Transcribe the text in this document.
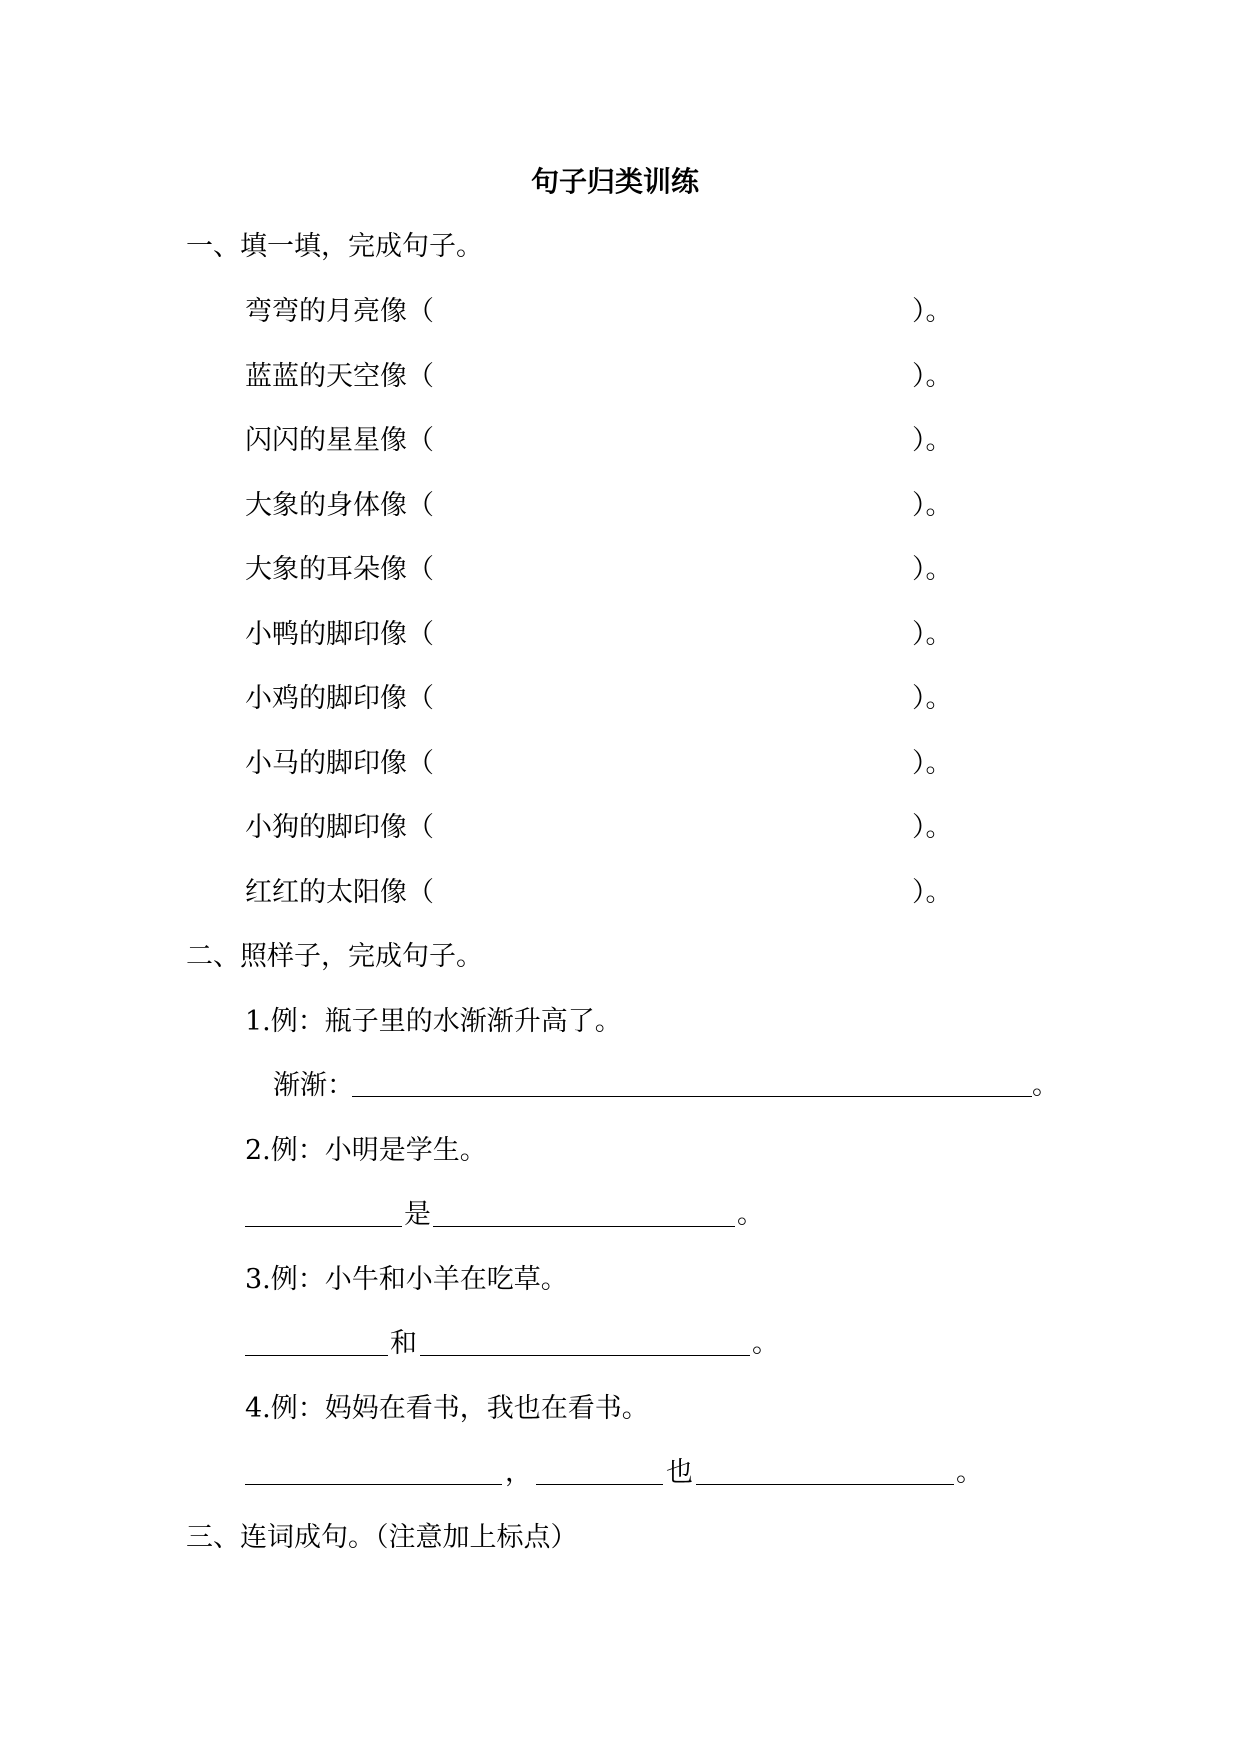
句子归类训练
一、填一填，完成句子。
弯弯的月亮像（	）。
蓝蓝的天空像（	）。
闪闪的星星像（	）。
大象的身体像（	）。
大象的耳朵像（	）。
小鸭的脚印像（	）。
小鸡的脚印像（	）。
小马的脚印像（	）。
小狗的脚印像（	）。
红红的太阳像（	）。
二、照样子，完成句子。
1.例：瓶子里的水渐渐升高了。
渐渐：	。
2.例：小明是学生。
是	。
3.例：小牛和小羊在吃草。
和	。
4.例：妈妈在看书，我也在看书。
，	也	。
三、连词成句。（注意加上标点）
